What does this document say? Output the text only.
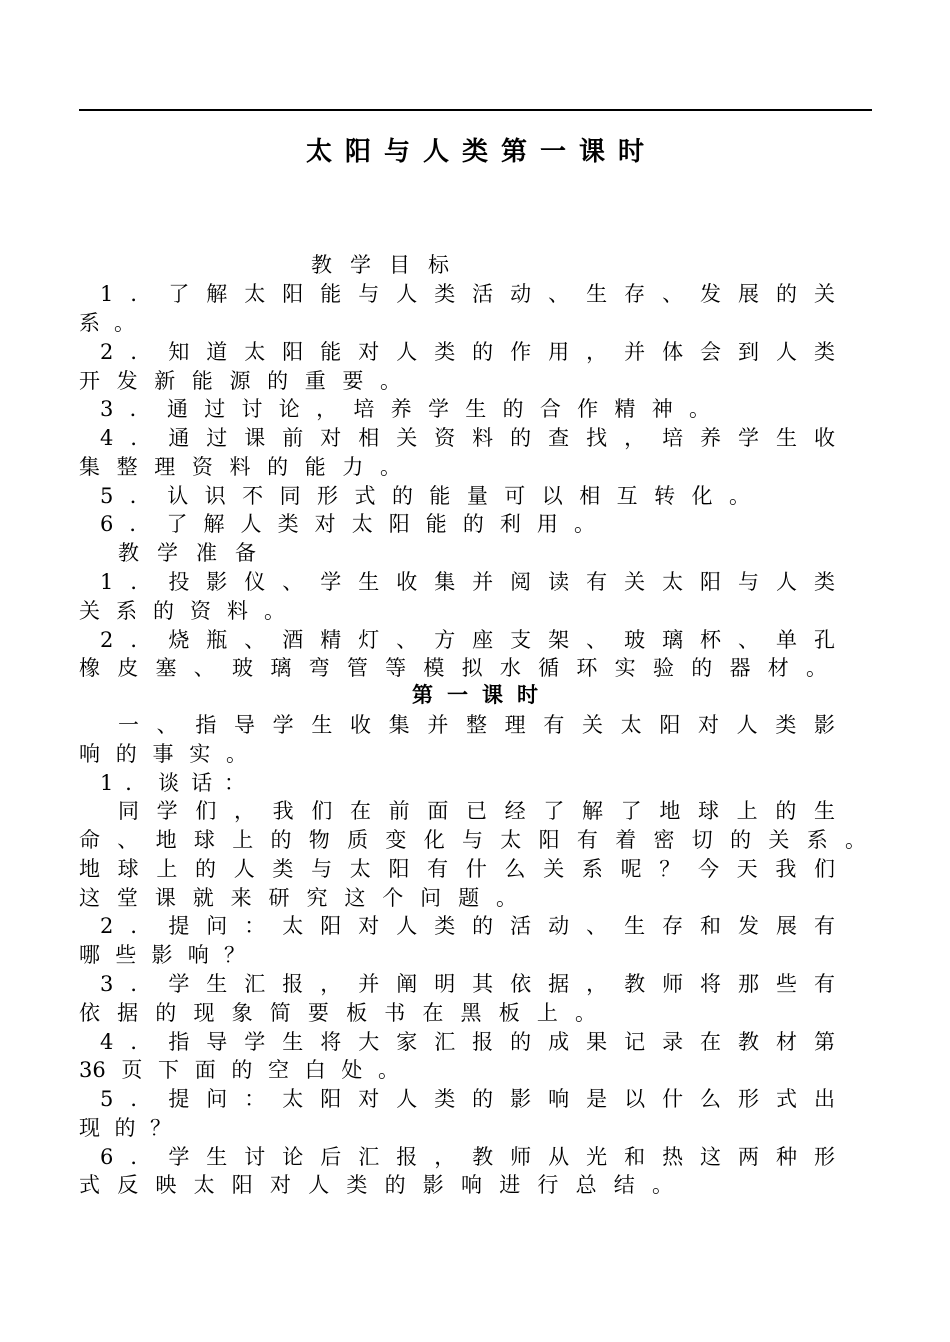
太阳与人类第一课时
教学目标
1．了解太阳能与人类活动、生存、发展的关
系。
2．知道太阳能对人类的作用，并体会到人类
开发新能源的重要。
3．通过讨论，培养学生的合作精神。
4．通过课前对相关资料的查找，培养学生收
集整理资料的能力。
5．认识不同形式的能量可以相互转化。
6．了解人类对太阳能的利用。
教学准备
1．投影仪、学生收集并阅读有关太阳与人类
关系的资料。
2．烧瓶、酒精灯、方座支架、玻璃杯、单孔
橡皮塞、玻璃弯管等模拟水循环实验的器材。
第一课时
一、指导学生收集并整理有关太阳对人类影
响的事实。
1．谈话：
同学们，我们在前面已经了解了地球上的生
命、地球上的物质变化与太阳有着密切的关系。
地球上的人类与太阳有什么关系呢？今天我们
这堂课就来研究这个问题。
2．提问：太阳对人类的活动、生存和发展有
哪些影响？
3．学生汇报，并阐明其依据，教师将那些有
依据的现象简要板书在黑板上。
4．指导学生将大家汇报的成果记录在教材第
36页下面的空白处。
5．提问：太阳对人类的影响是以什么形式出
现的？
6．学生讨论后汇报，教师从光和热这两种形
式反映太阳对人类的影响进行总结。
